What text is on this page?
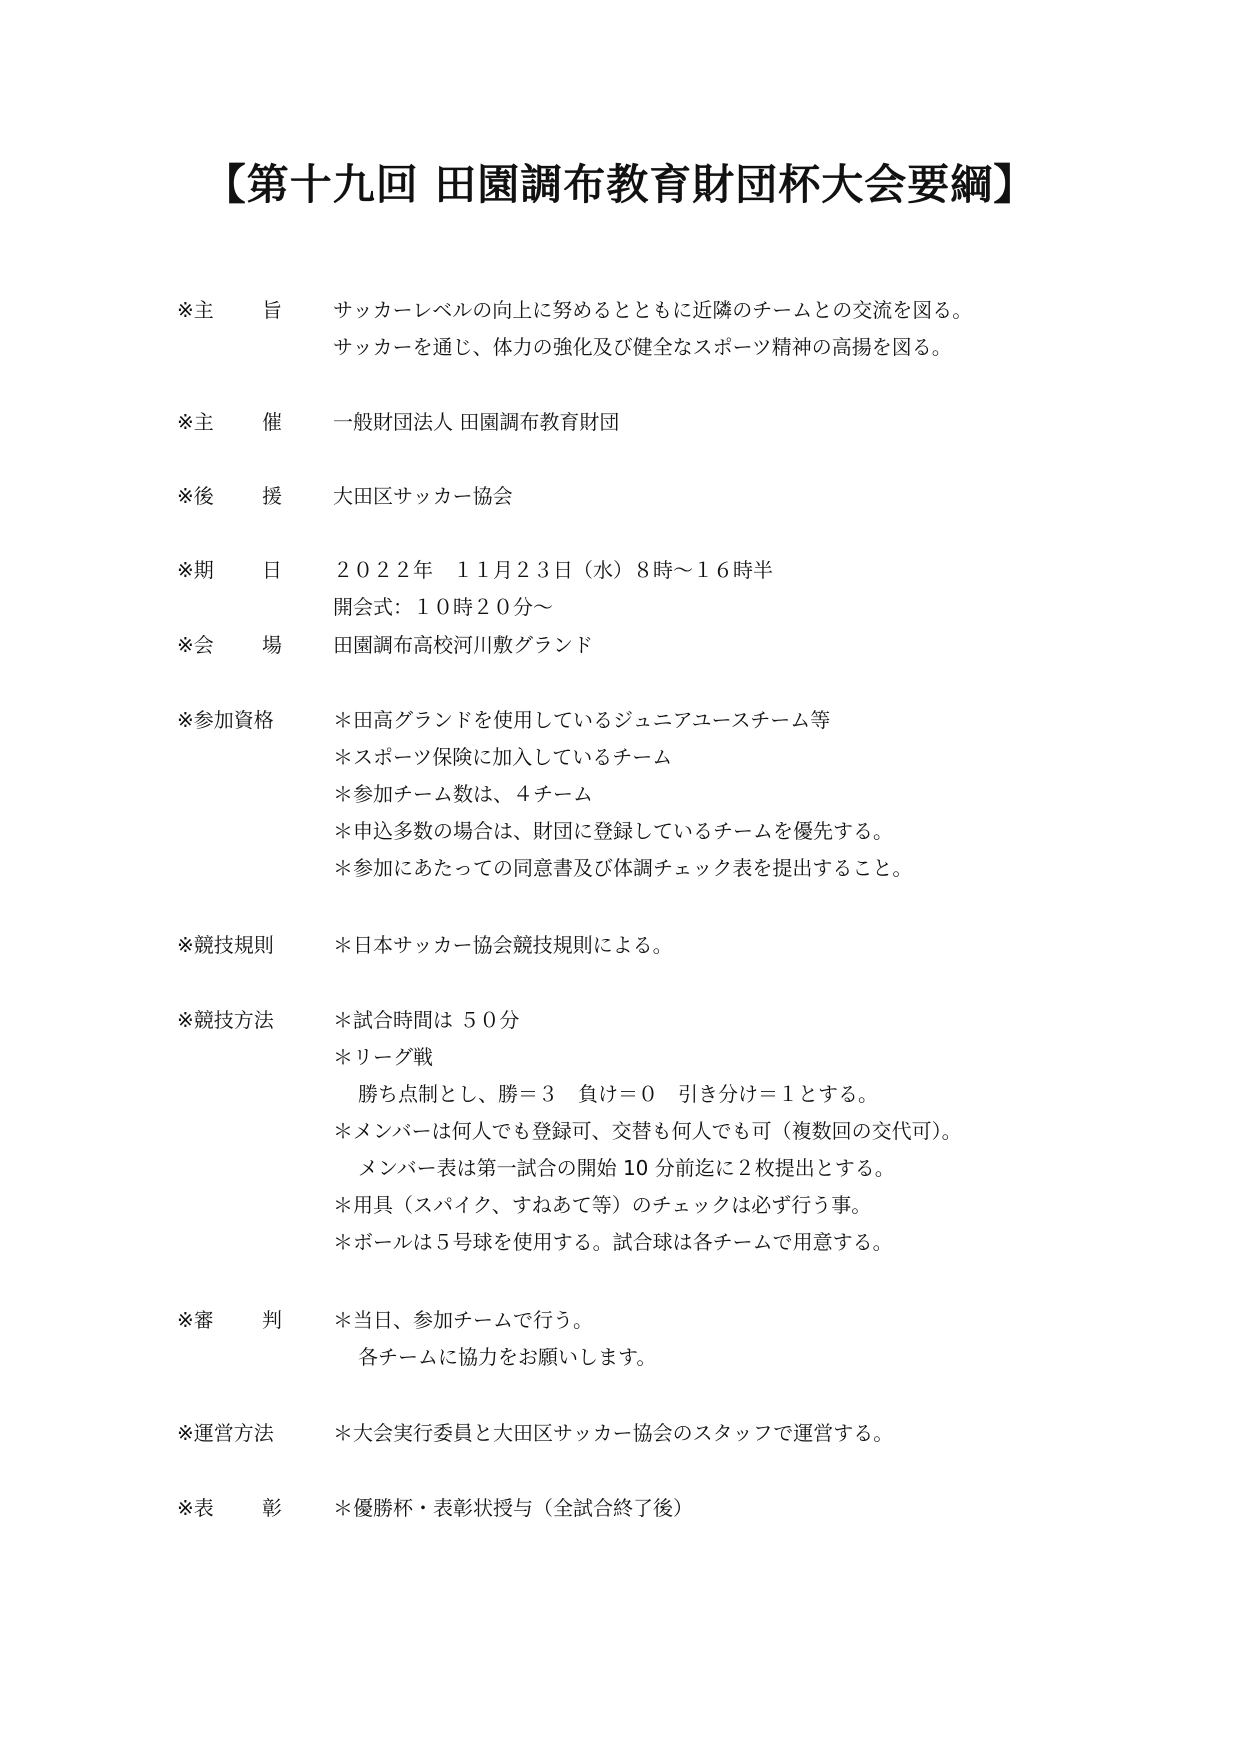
【第十九回 田園調布教育財団杯大会要綱】
※主 旨	サッカーレベルの向上に努めるとともに近隣のチームとの交流を図る。
サッカーを通じ、体力の強化及び健全なスポーツ精神の高揚を図る。
※主 催	一般財団法人 田園調布教育財団
※後 援	大田区サッカー協会
※期 日	２０２２年　１１月２３日（水）８時～１６時半
開会式：１０時２０分～
※会 場	田園調布高校河川敷グランド
※参加資格	＊田高グランドを使用しているジュニアユースチーム等
＊スポーツ保険に加入しているチーム
＊参加チーム数は、４チーム
＊申込多数の場合は、財団に登録しているチームを優先する。
＊参加にあたっての同意書及び体調チェック表を提出すること。
※競技規則	＊日本サッカー協会競技規則による。
※競技方法	＊試合時間は ５０分
＊リーグ戦
勝ち点制とし、勝＝３　負け＝０　引き分け＝１とする。
＊メンバーは何人でも登録可、交替も何人でも可（複数回の交代可）。
メンバー表は第一試合の開始 10 分前迄に２枚提出とする。
＊用具（スパイク、すねあて等）のチェックは必ず行う事。
＊ボールは５号球を使用する。試合球は各チームで用意する。
※審 判	＊当日、参加チームで行う。
各チームに協力をお願いします。
※運営方法	＊大会実行委員と大田区サッカー協会のスタッフで運営する。
※表 彰	＊優勝杯・表彰状授与（全試合終了後）
